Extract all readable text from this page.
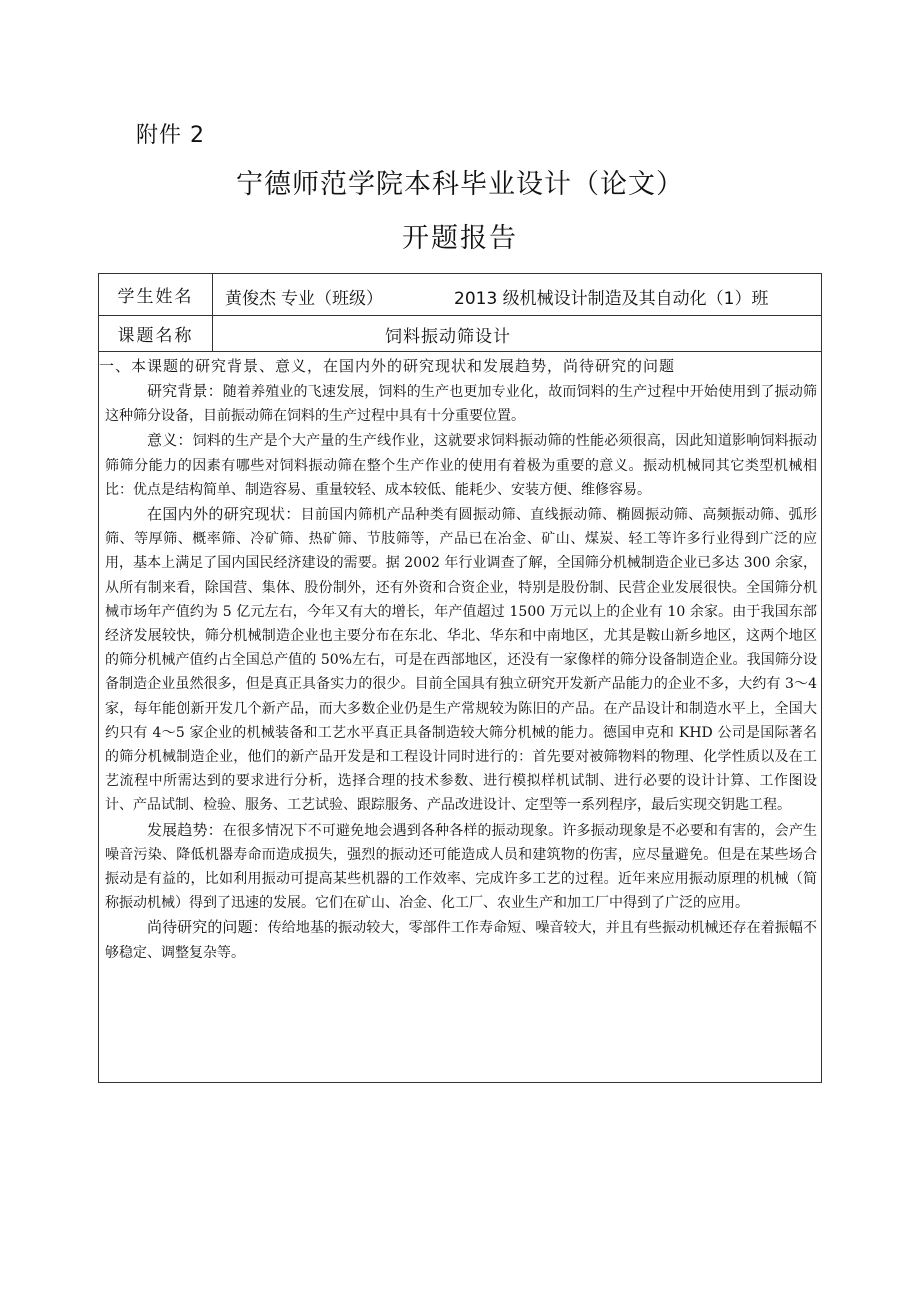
附件 2
宁德师范学院本科毕业设计（论文）
开题报告
学生姓名	黄俊杰 专业（班级）	2013 级机械设计制造及其自动化（1）班
课题名称	饲料振动筛设计
一、本课题的研究背景、意义，在国内外的研究现状和发展趋势，尚待研究的问题

研究背景：随着养殖业的飞速发展，饲料的生产也更加专业化，故而饲料的生产过程中开始使用到了振动筛这种筛分设备，目前振动筛在饲料的生产过程中具有十分重要位置。

意义：饲料的生产是个大产量的生产线作业，这就要求饲料振动筛的性能必须很高，因此知道影响饲料振动筛筛分能力的因素有哪些对饲料振动筛在整个生产作业的使用有着极为重要的意义。振动机械同其它类型机械相比：优点是结构简单、制造容易、重量较轻、成本较低、能耗少、安装方便、维修容易。

在国内外的研究现状：目前国内筛机产品种类有圆振动筛、直线振动筛、椭圆振动筛、高频振动筛、弧形筛、等厚筛、概率筛、冷矿筛、热矿筛、节肢筛等，产品已在冶金、矿山、煤炭、轻工等许多行业得到广泛的应用，基本上满足了国内国民经济建设的需要。据 2002 年行业调查了解，全国筛分机械制造企业已多达 300 余家，从所有制来看，除国营、集体、股份制外，还有外资和合资企业，特别是股份制、民营企业发展很快。全国筛分机械市场年产值约为 5 亿元左右，今年又有大的增长，年产值超过 1500 万元以上的企业有 10 余家。由于我国东部经济发展较快，筛分机械制造企业也主要分布在东北、华北、华东和中南地区，尤其是鞍山新乡地区，这两个地区的筛分机械产值约占全国总产值的 50%左右，可是在西部地区，还没有一家像样的筛分设备制造企业。我国筛分设备制造企业虽然很多，但是真正具备实力的很少。目前全国具有独立研究开发新产品能力的企业不多，大约有 3～4 家，每年能创新开发几个新产品，而大多数企业仍是生产常规较为陈旧的产品。在产品设计和制造水平上，全国大约只有 4～5 家企业的机械装备和工艺水平真正具备制造较大筛分机械的能力。德国申克和 KHD 公司是国际著名的筛分机械制造企业，他们的新产品开发是和工程设计同时进行的：首先要对被筛物料的物理、化学性质以及在工艺流程中所需达到的要求进行分析，选择合理的技术参数、进行模拟样机试制、进行必要的设计计算、工作图设计、产品试制、检验、服务、工艺试验、跟踪服务、产品改进设计、定型等一系列程序，最后实现交钥匙工程。

发展趋势：在很多情况下不可避免地会遇到各种各样的振动现象。许多振动现象是不必要和有害的，会产生噪音污染、降低机器寿命而造成损失，强烈的振动还可能造成人员和建筑物的伤害，应尽量避免。但是在某些场合振动是有益的，比如利用振动可提高某些机器的工作效率、完成许多工艺的过程。近年来应用振动原理的机械（简称振动机械）得到了迅速的发展。它们在矿山、冶金、化工厂、农业生产和加工厂中得到了广泛的应用。

尚待研究的问题：传给地基的振动较大，零部件工作寿命短、噪音较大，并且有些振动机械还存在着振幅不够稳定、调整复杂等。
